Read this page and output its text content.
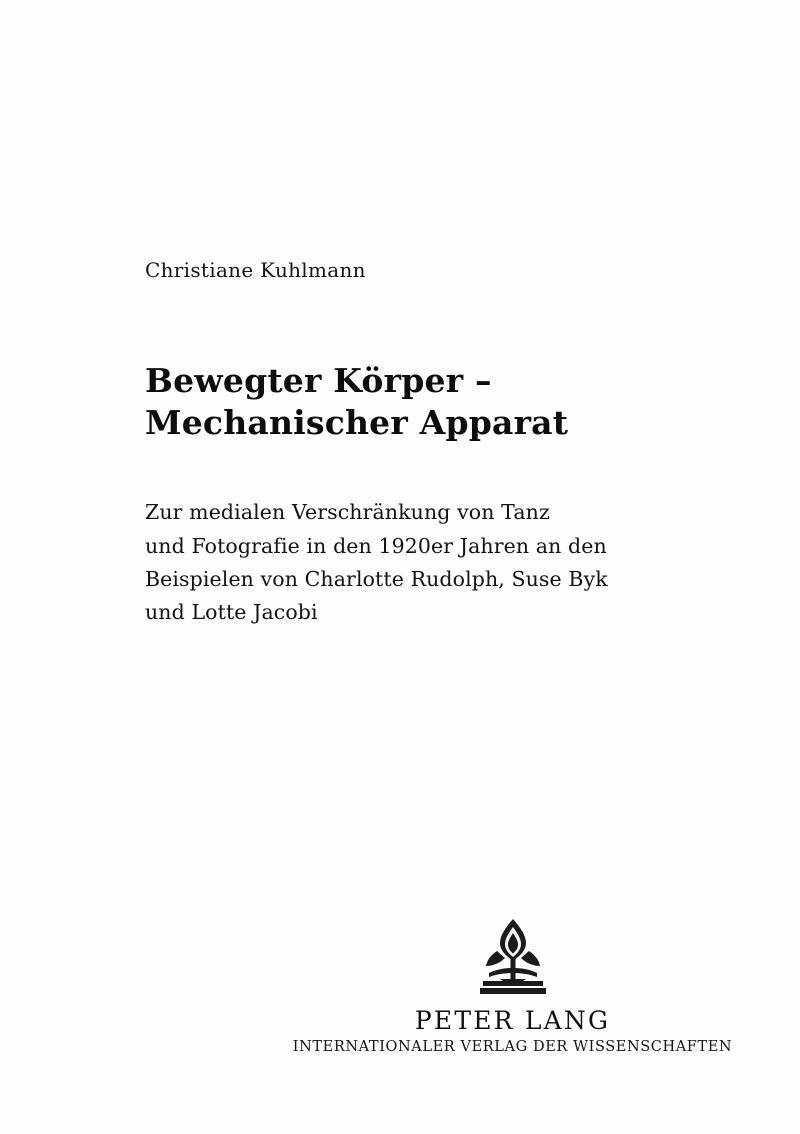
Christiane Kuhlmann

Bewegter Körper –
Mechanischer Apparat

Zur medialen Verschränkung von Tanz
und Fotografie in den 1920er Jahren an den
Beispielen von Charlotte Rudolph, Suse Byk
und Lotte Jacobi

PETER LANG

INTERNATIONALER VERLAG DER WISSENSCHAFTEN
